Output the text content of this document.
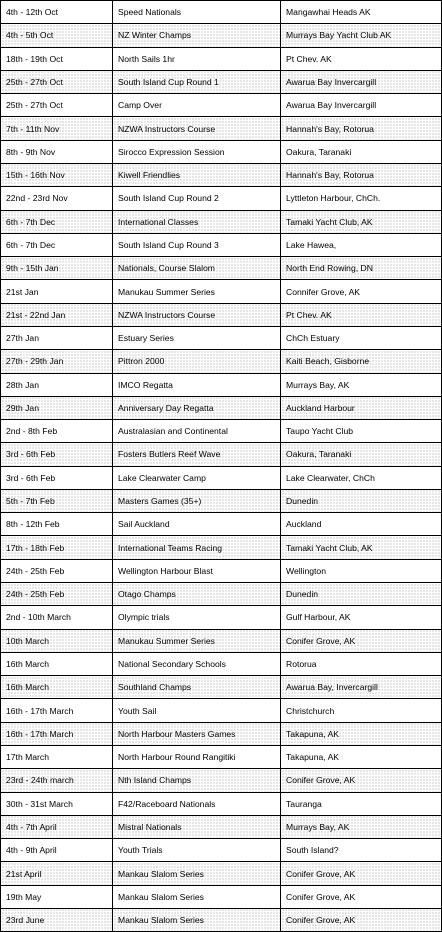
4th - 12th Oct	Speed Nationals	Mangawhai Heads AK
4th - 5th Oct	NZ Winter Champs	Murrays Bay Yacht Club AK
18th - 19th Oct	North Sails 1hr	Pt Chev. AK
25th - 27th Oct	South Island Cup Round 1	Awarua Bay Invercargill
25th - 27th Oct	Camp Over	Awarua Bay Invercargill
7th - 11th Nov	NZWA Instructors Course	Hannah's Bay, Rotorua
8th - 9th Nov	Sirocco Expression Session	Oakura, Taranaki
15th - 16th Nov	Kiwell Friendlies	Hannah's Bay, Rotorua
22nd - 23rd Nov	South Island Cup Round 2	Lyttleton Harbour, ChCh.
6th - 7th Dec	International Classes	Tamaki Yacht Club, AK
6th - 7th Dec	South Island Cup Round 3	Lake Hawea,
9th - 15th Jan	Nationals, Course Slalom	North End Rowing, DN
21st Jan	Manukau Summer Series	Connifer Grove, AK
21st - 22nd Jan	NZWA Instructors Course	Pt Chev. AK
27th Jan	Estuary Series	ChCh Estuary
27th - 29th Jan	Pittron 2000	Kaiti Beach, Gisborne
28th Jan	IMCO Regatta	Murrays Bay, AK
29th Jan	Anniversary Day Regatta	Auckland Harbour
2nd - 8th Feb	Australasian and Continental	Taupo Yacht Club
3rd - 6th Feb	Fosters Butlers Reef Wave	Oakura, Taranaki
3rd - 6th Feb	Lake Clearwater Camp	Lake Clearwater, ChCh
5th - 7th Feb	Masters Games (35+)	Dunedin
8th - 12th Feb	Sail Auckland	Auckland
17th - 18th Feb	International Teams Racing	Tamaki Yacht Club, AK
24th - 25th Feb	Wellington Harbour Blast	Wellington
24th - 25th Feb	Otago Champs	Dunedin
2nd - 10th March	Olympic trials	Gulf Harbour, AK
10th March	Manukau Summer Series	Conifer Grove, AK
16th March	National Secondary Schools	Rotorua
16th March	Southland Champs	Awarua Bay, Invercargill
16th - 17th March	Youth Sail	Christchurch
16th - 17th March	North Harbour Masters Games	Takapuna, AK
17th March	North Harbour Round Rangitiki	Takapuna, AK
23rd - 24th march	Nth Island Champs	Conifer Grove, AK
30th - 31st March	F42/Raceboard Nationals	Tauranga
4th - 7th April	Mistral Nationals	Murrays Bay, AK
4th - 9th April	Youth Trials	South Island?
21st April	Mankau Slalom Series	Conifer Grove, AK
19th May	Mankau Slalom Series	Conifer Grove, AK
23rd June	Mankau Slalom Series	Conifer Grove, AK
